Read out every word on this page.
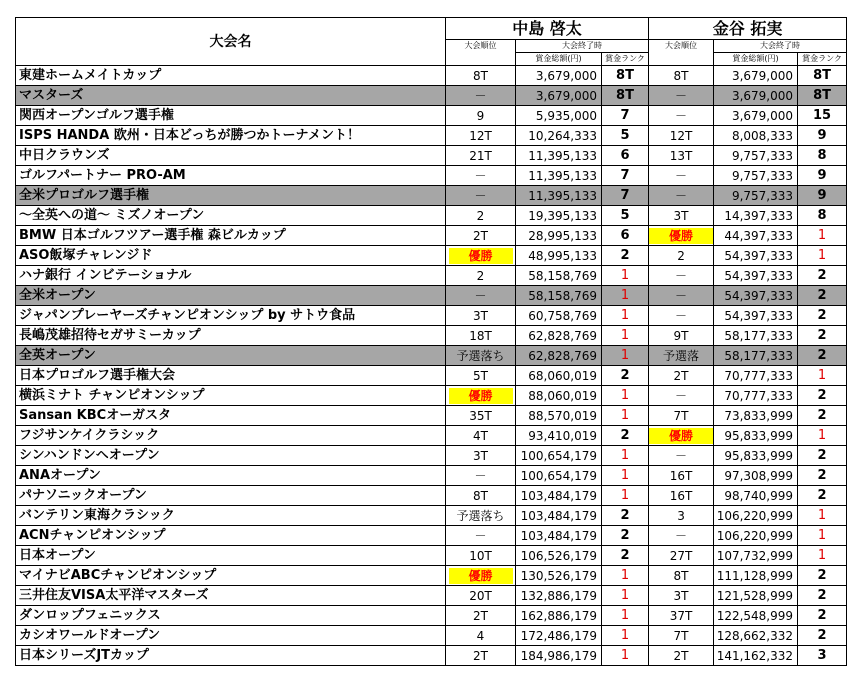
大会名	中島 啓太			金谷 拓実		
	大会順位	大会終了時		大会順位	大会終了時	
		賞金総額(円)	賞金ランク		賞金総額(円)	賞金ランク
東建ホームメイトカップ	8T	3,679,000	8T	8T	3,679,000	8T
マスターズ	－	3,679,000	8T	－	3,679,000	8T
関西オープンゴルフ選手権	9	5,935,000	7	－	3,679,000	15
ISPS HANDA 欧州・日本どっちが勝つかトーナメント！	12T	10,264,333	5	12T	8,008,333	9
中日クラウンズ	21T	11,395,133	6	13T	9,757,333	8
ゴルフパートナー PRO-AM	－	11,395,133	7	－	9,757,333	9
全米プロゴルフ選手権	－	11,395,133	7	－	9,757,333	9
～全英への道～ ミズノオープン	2	19,395,133	5	3T	14,397,333	8
BMW 日本ゴルフツアー選手権 森ビルカップ	2T	28,995,133	6	優勝	44,397,333	1
ASO飯塚チャレンジド	優勝	48,995,133	2	2	54,397,333	1
ハナ銀行 インビテーショナル	2	58,158,769	1	－	54,397,333	2
全米オープン	－	58,158,769	1	－	54,397,333	2
ジャパンプレーヤーズチャンピオンシップ by サトウ食品	3T	60,758,769	1	－	54,397,333	2
長嶋茂雄招待セガサミーカップ	18T	62,828,769	1	9T	58,177,333	2
全英オープン	予選落ち	62,828,769	1	予選落	58,177,333	2
日本プロゴルフ選手権大会	5T	68,060,019	2	2T	70,777,333	1
横浜ミナト チャンピオンシップ	優勝	88,060,019	1	－	70,777,333	2
Sansan KBCオーガスタ	35T	88,570,019	1	7T	73,833,999	2
フジサンケイクラシック	4T	93,410,019	2	優勝	95,833,999	1
シンハンドンヘオープン	3T	100,654,179	1	－	95,833,999	2
ANAオープン	－	100,654,179	1	16T	97,308,999	2
パナソニックオープン	8T	103,484,179	1	16T	98,740,999	2
バンテリン東海クラシック	予選落ち	103,484,179	2	3	106,220,999	1
ACNチャンピオンシップ	－	103,484,179	2	－	106,220,999	1
日本オープン	10T	106,526,179	2	27T	107,732,999	1
マイナビABCチャンピオンシップ	優勝	130,526,179	1	8T	111,128,999	2
三井住友VISA太平洋マスターズ	20T	132,886,179	1	3T	121,528,999	2
ダンロップフェニックス	2T	162,886,179	1	37T	122,548,999	2
カシオワールドオープン	4	172,486,179	1	7T	128,662,332	2
日本シリーズJTカップ	2T	184,986,179	1	2T	141,162,332	3
